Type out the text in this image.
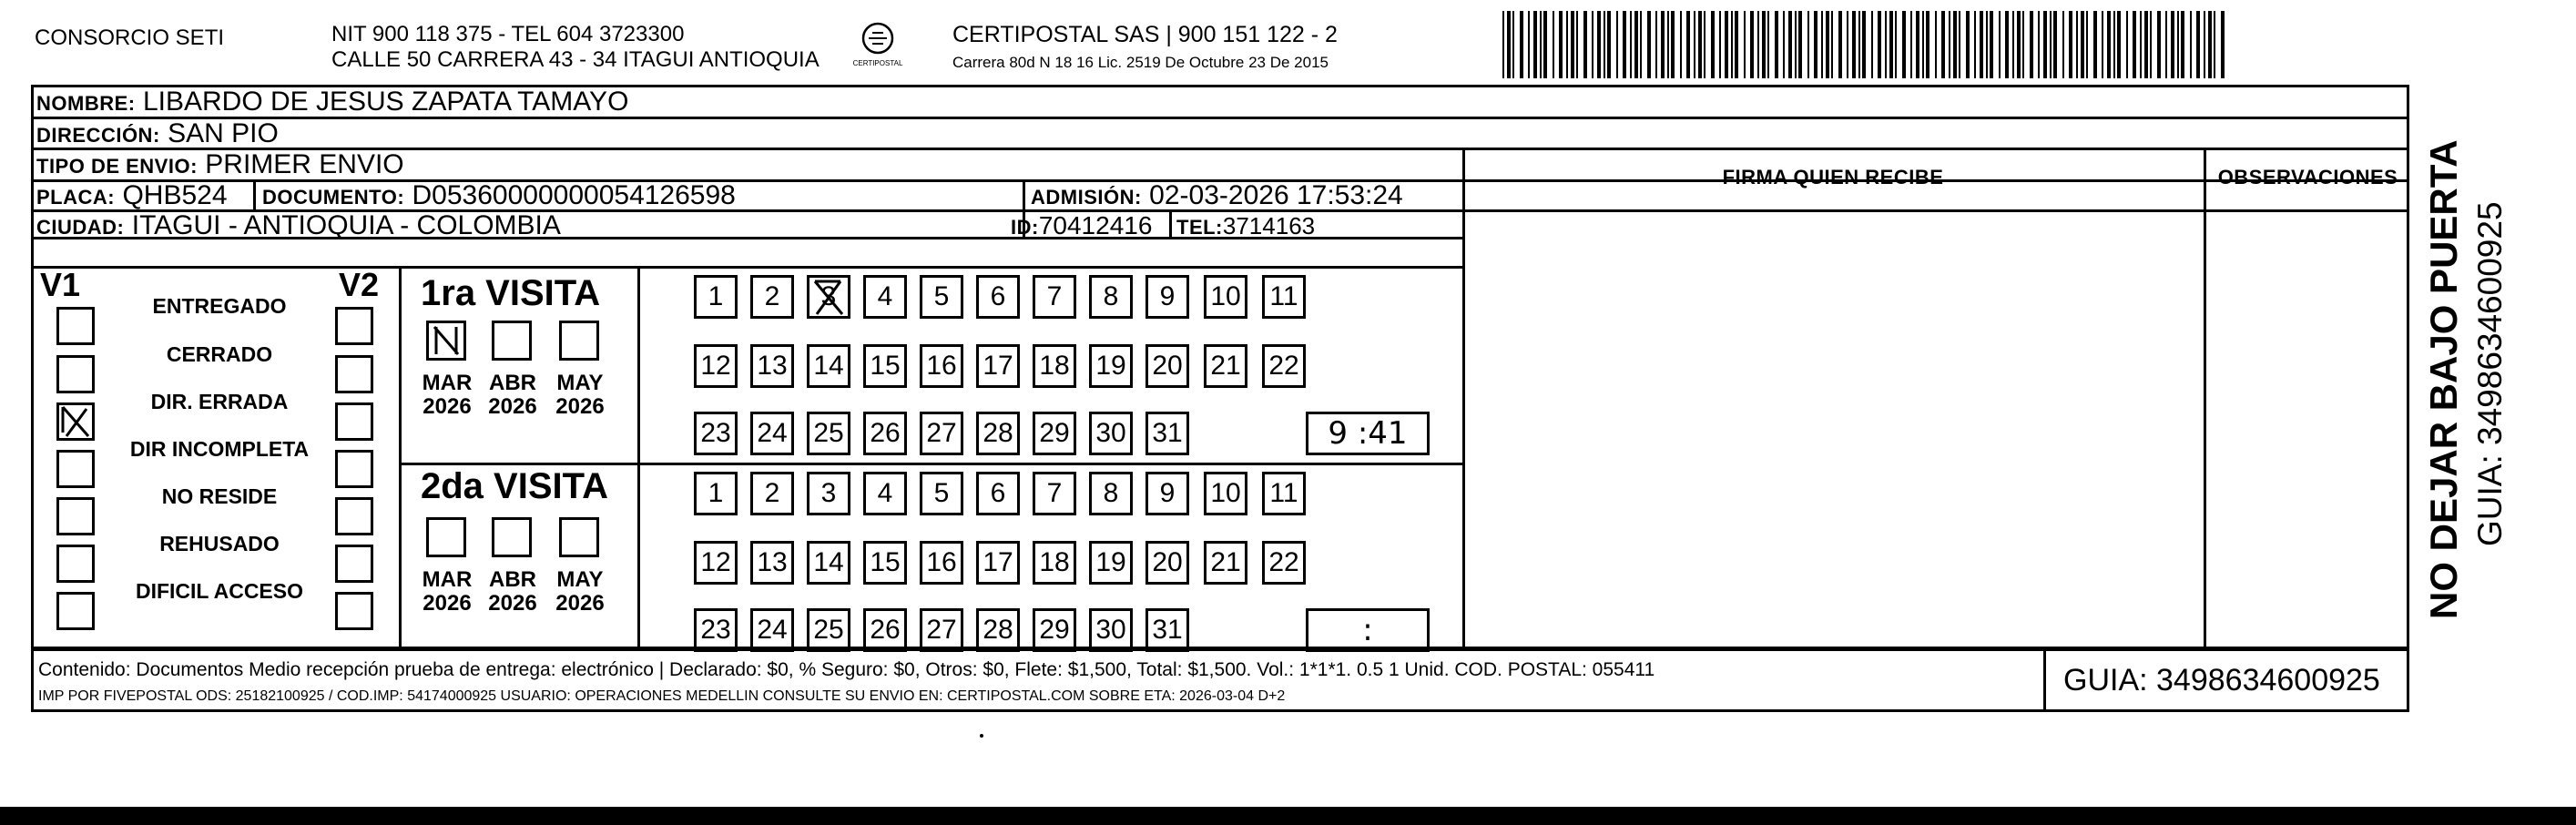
CONSORCIO SETI	NIT 900 118 375 - TEL 604 3723300
CALLE 50 CARRERA 43 - 34 ITAGUI ANTIOQUIA	CERTIPOSTAL
CERTIPOSTAL SAS | 900 151 122 - 2
Carrera 80d N 18 16 Lic. 2519 De Octubre 23 De 2015
NOMBRE: LIBARDO DE JESUS ZAPATA TAMAYO
DIRECCIÓN: SAN PIO
TIPO DE ENVIO: PRIMER ENVIO
PLACA: QHB524 DOCUMENTO: D05360000000054126598	ADMISIÓN: 02-03-2026 17:53:24
CIUDAD: ITAGUI - ANTIOQUIA - COLOMBIA	ID:70412416 TEL:3714163
FIRMA QUIEN RECIBE	OBSERVACIONES
V1	V2
ENTREGADO
CERRADO
DIR. ERRADA
DIR INCOMPLETA
NO RESIDE
REHUSADO
DIFICIL ACCESO
1ra VISITA
2da VISITA
1	2	3	4	5	6	7	8	9	10 11
12 13 14 15 16 17 18 19 20 21 22
23 24 25 26 27 28 29 30 31	9 :41
MAR
2026
ABR
2026
MAY
2026
1	2	3	4	5	6	7	8	9	10 11
12 13 14 15 16 17 18 19 20 21 22
23 24 25 26 27 28 29 30 31	:
MAR
2026
ABR
2026
MAY
2026
Contenido: Documentos Medio recepción prueba de entrega: electrónico | Declarado: $0, % Seguro: $0, Otros: $0, Flete: $1,500, Total: $1,500. Vol.: 1*1*1. 0.5 1 Unid. COD. POSTAL: 055411
IMP POR FIVEPOSTAL ODS: 25182100925 / COD.IMP: 54174000925 USUARIO: OPERACIONES MEDELLIN CONSULTE SU ENVIO EN: CERTIPOSTAL.COM SOBRE ETA: 2026-03-04 D+2	GUIA: 3498634600925
NO DEJAR BAJO PUERTA GUIA: 3498634600925
